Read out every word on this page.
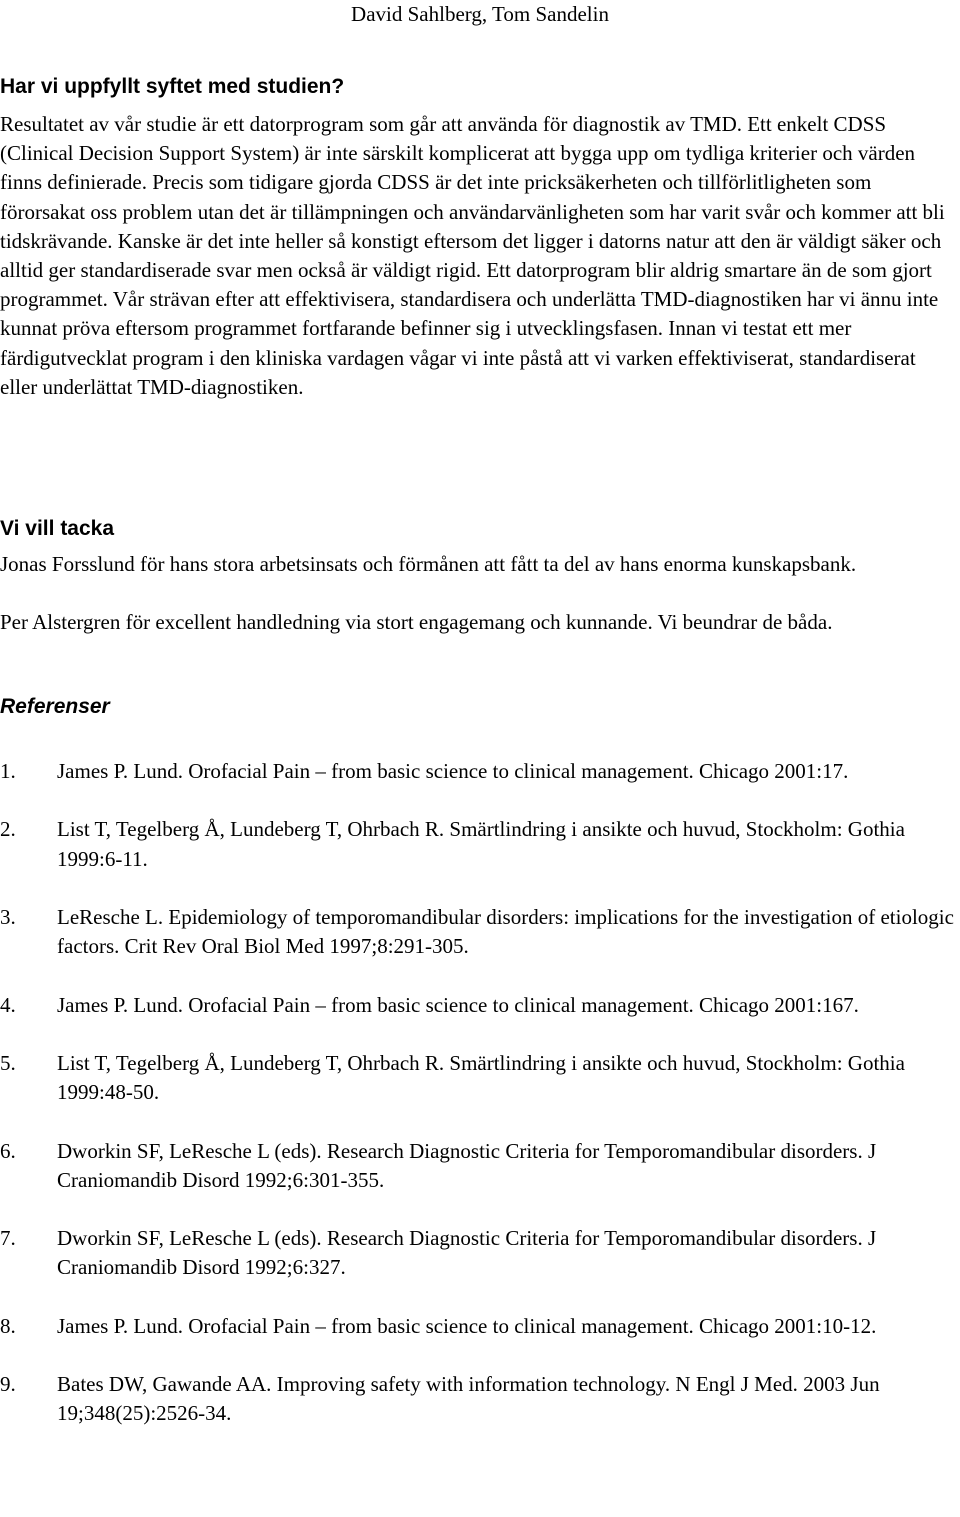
David Sahlberg, Tom Sandelin
Har vi uppfyllt syftet med studien?

Resultatet av vår studie är ett datorprogram som går att använda för diagnostik av TMD. Ett enkelt CDSS (Clinical Decision Support System) är inte särskilt komplicerat att bygga upp om tydliga kriterier och värden finns definierade. Precis som tidigare gjorda CDSS är det inte pricksäkerheten och tillförlitligheten som förorsakat oss problem utan det är tillämpningen och användarvänligheten som har varit svår och kommer att bli tidskrävande. Kanske är det inte heller så konstigt eftersom det ligger i datorns natur att den är väldigt säker och alltid ger standardiserade svar men också är väldigt rigid. Ett datorprogram blir aldrig smartare än de som gjort programmet. Vår strävan efter att effektivisera, standardisera och underlätta TMD-diagnostiken har vi ännu inte kunnat pröva eftersom programmet fortfarande befinner sig i utvecklingsfasen. Innan vi testat ett mer färdigutvecklat program i den kliniska vardagen vågar vi inte påstå att vi varken effektiviserat, standardiserat eller underlättat TMD-diagnostiken.

Vi vill tacka

Jonas Forsslund för hans stora arbetsinsats och förmånen att fått ta del av hans enorma kunskapsbank.

Per Alstergren för excellent handledning via stort engagemang och kunnande. Vi beundrar de båda.

Referenser
1. James P. Lund. Orofacial Pain – from basic science to clinical management. Chicago 2001:17.
2. List T, Tegelberg Å, Lundeberg T, Ohrbach R. Smärtlindring i ansikte och huvud, Stockholm: Gothia 1999:6-11.
3. LeResche L. Epidemiology of temporomandibular disorders: implications for the investigation of etiologic factors. Crit Rev Oral Biol Med 1997;8:291-305.
4. James P. Lund. Orofacial Pain – from basic science to clinical management. Chicago 2001:167.
5. List T, Tegelberg Å, Lundeberg T, Ohrbach R. Smärtlindring i ansikte och huvud, Stockholm: Gothia 1999:48-50.
6. Dworkin SF, LeResche L (eds). Research Diagnostic Criteria for Temporomandibular disorders. J Craniomandib Disord 1992;6:301-355.
7. Dworkin SF, LeResche L (eds). Research Diagnostic Criteria for Temporomandibular disorders. J Craniomandib Disord 1992;6:327.
8. James P. Lund. Orofacial Pain – from basic science to clinical management. Chicago 2001:10-12.
9. Bates DW, Gawande AA. Improving safety with information technology. N Engl J Med. 2003 Jun 19;348(25):2526-34.
